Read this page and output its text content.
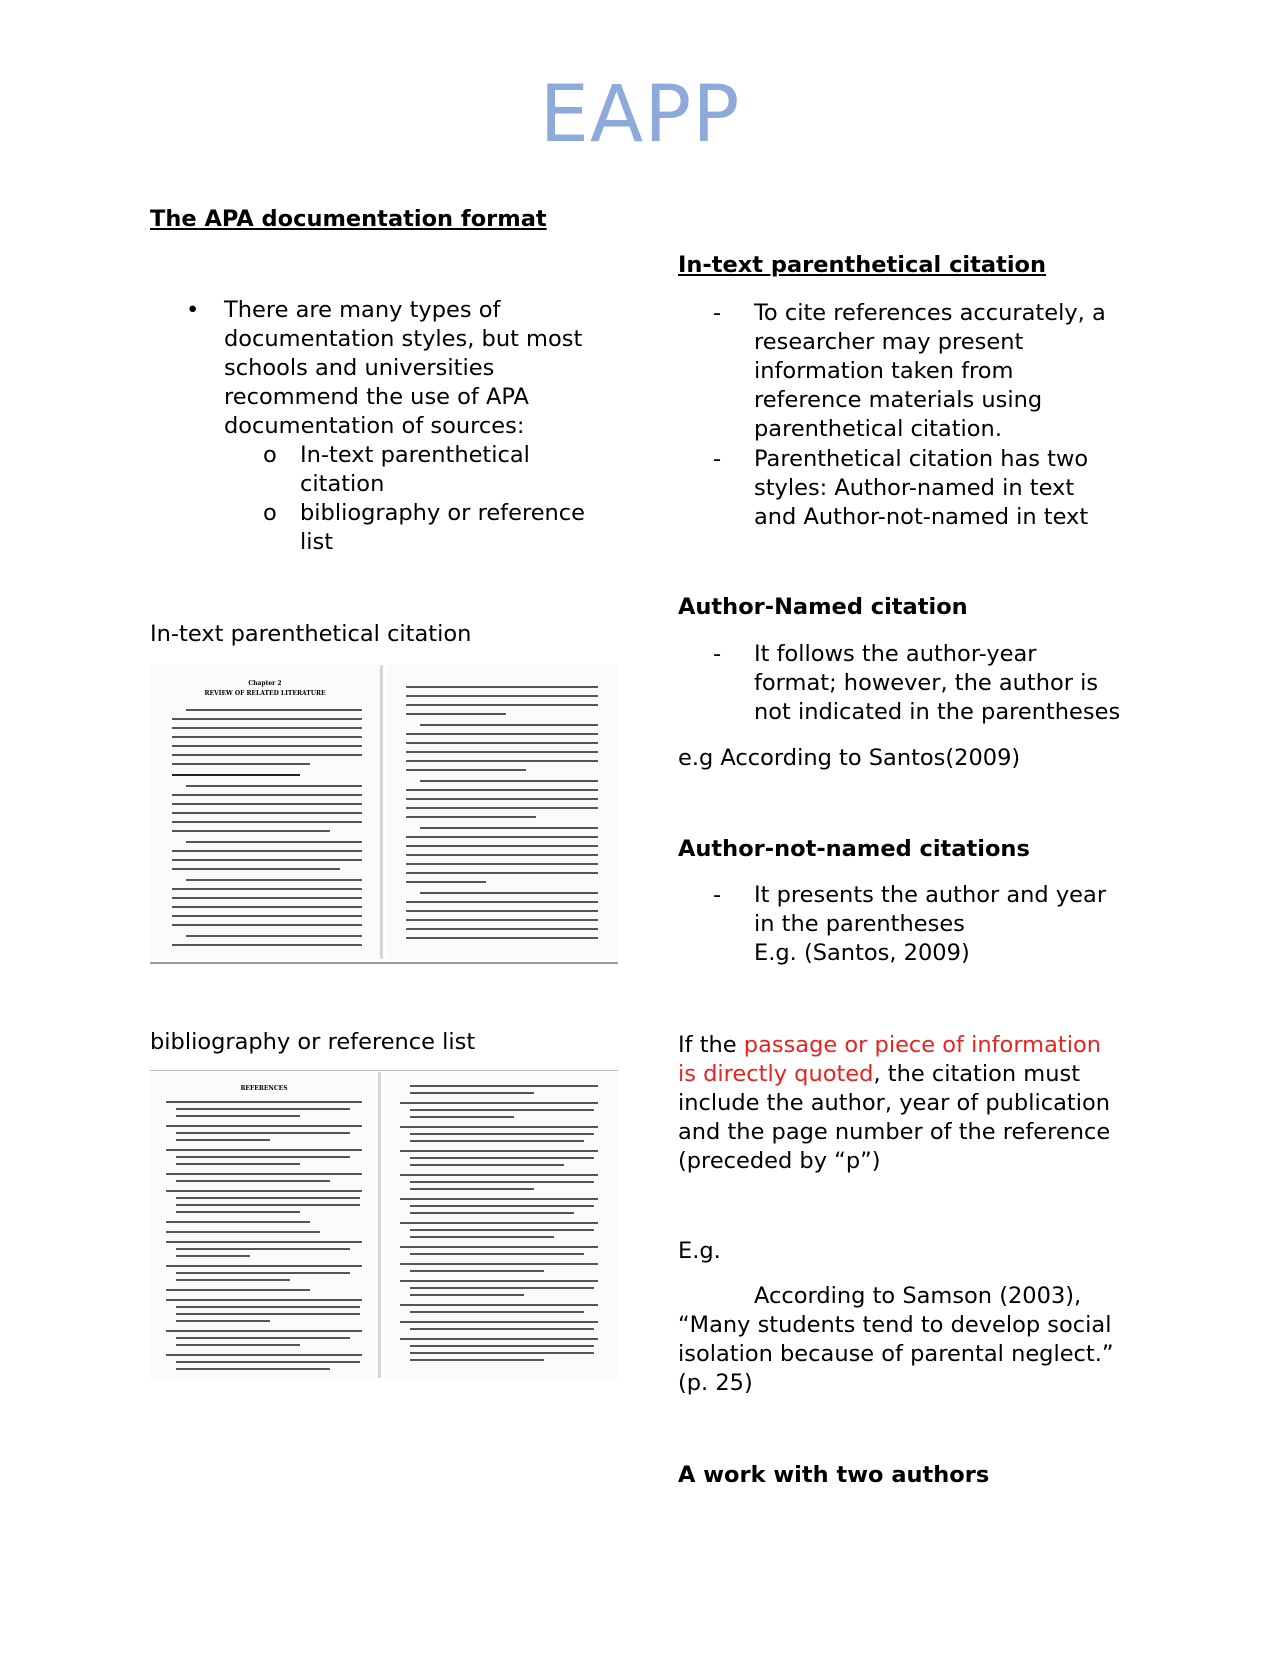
EAPP
The APA documentation format
• There are many types of
documentation styles, but most
schools and universities
recommend the use of APA
documentation of sources:
o In-text parenthetical
citation
o bibliography or reference
list
In-text parenthetical citation
Chapter 2
REVIEW OF RELATED LITERATURE
bibliography or reference list
REFERENCES
In-text parenthetical citation
- To cite references accurately, a
researcher may present
information taken from
reference materials using
parenthetical citation.
- Parenthetical citation has two
styles: Author-named in text
and Author-not-named in text
Author-Named citation
- It follows the author-year
format; however, the author is
not indicated in the parentheses
e.g According to Santos(2009)
Author-not-named citations
- It presents the author and year
in the parentheses
E.g. (Santos, 2009)
If the passage or piece of information
is directly quoted, the citation must
include the author, year of publication
and the page number of the reference
(preceded by “p”)
E.g.
According to Samson (2003),
“Many students tend to develop social
isolation because of parental neglect.”
(p. 25)
A work with two authors
